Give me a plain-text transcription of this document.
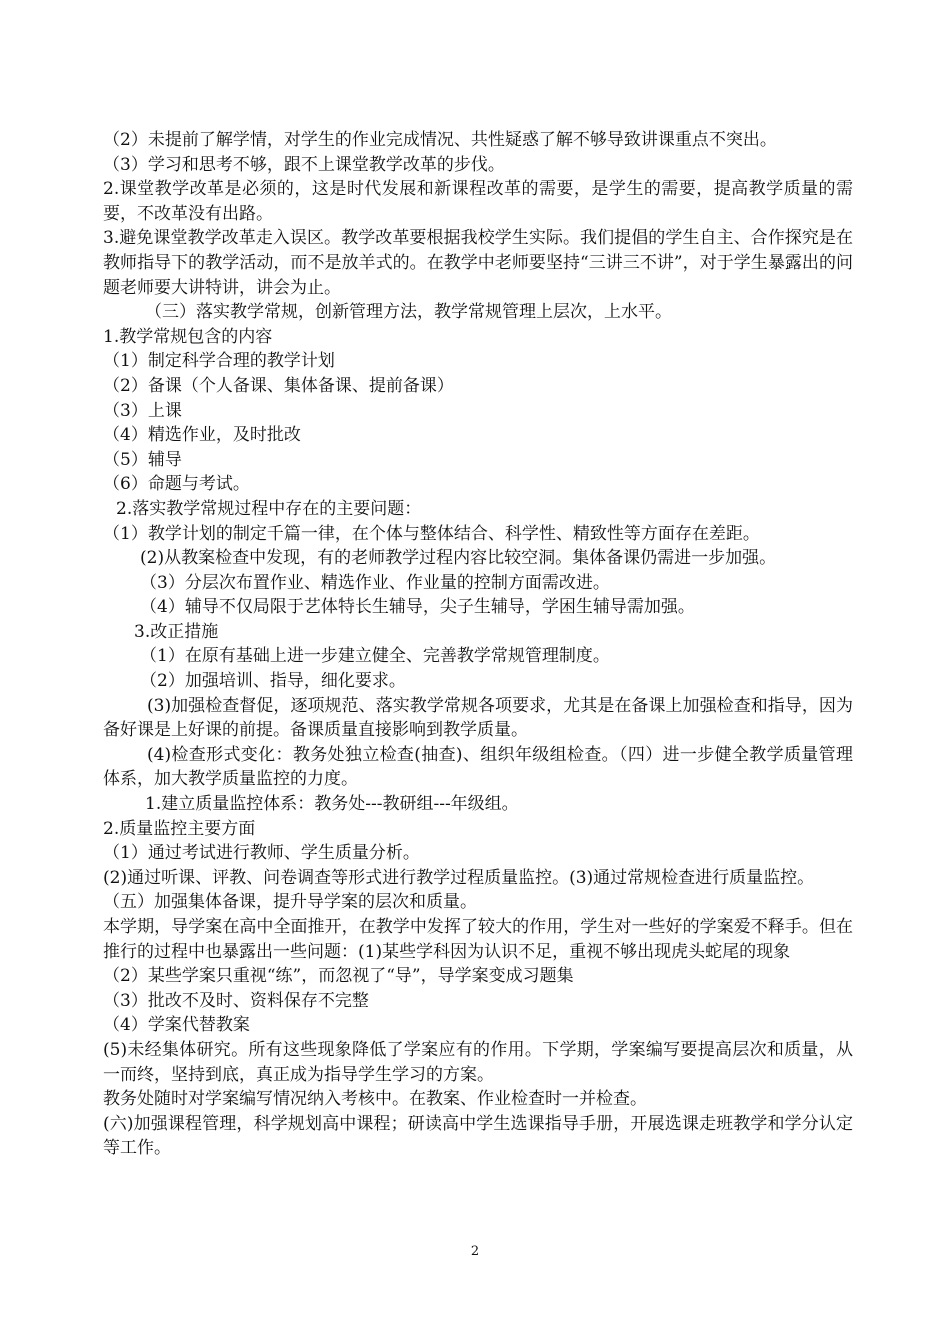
（2）未提前了解学情，对学生的作业完成情况、共性疑惑了解不够导致讲课重点不突出。

（3）学习和思考不够，跟不上课堂教学改革的步伐。

2.课堂教学改革是必须的，这是时代发展和新课程改革的需要，是学生的需要，提高教学质量的需要，不改革没有出路。

3.避免课堂教学改革走入误区。教学改革要根据我校学生实际。我们提倡的学生自主、合作探究是在教师指导下的教学活动，而不是放羊式的。在教学中老师要坚持“三讲三不讲”，对于学生暴露出的问题老师要大讲特讲，讲会为止。

（三）落实教学常规，创新管理方法，教学常规管理上层次，上水平。

1.教学常规包含的内容

（1）制定科学合理的教学计划

（2）备课（个人备课、集体备课、提前备课）

（3）上课

（4）精选作业，及时批改

（5）辅导

（6）命题与考试。

2.落实教学常规过程中存在的主要问题：

（1）教学计划的制定千篇一律，在个体与整体结合、科学性、精致性等方面存在差距。

(2)从教案检查中发现，有的老师教学过程内容比较空洞。集体备课仍需进一步加强。

（3）分层次布置作业、精选作业、作业量的控制方面需改进。

（4）辅导不仅局限于艺体特长生辅导，尖子生辅导，学困生辅导需加强。

3.改正措施

（1）在原有基础上进一步建立健全、完善教学常规管理制度。

（2）加强培训、指导，细化要求。

(3)加强检查督促，逐项规范、落实教学常规各项要求，尤其是在备课上加强检查和指导，因为备好课是上好课的前提。备课质量直接影响到教学质量。

(4)检查形式变化：教务处独立检查(抽查)、组织年级组检查。（四）进一步健全教学质量管理体系，加大教学质量监控的力度。

1.建立质量监控体系：教务处---教研组---年级组。

2.质量监控主要方面

（1）通过考试进行教师、学生质量分析。

(2)通过听课、评教、问卷调查等形式进行教学过程质量监控。(3)通过常规检查进行质量监控。

（五）加强集体备课，提升导学案的层次和质量。

本学期，导学案在高中全面推开，在教学中发挥了较大的作用，学生对一些好的学案爱不释手。但在推行的过程中也暴露出一些问题：(1)某些学科因为认识不足，重视不够出现虎头蛇尾的现象

（2）某些学案只重视“练”，而忽视了“导”，导学案变成习题集

（3）批改不及时、资料保存不完整

（4）学案代替教案

(5)未经集体研究。所有这些现象降低了学案应有的作用。下学期，学案编写要提高层次和质量，从一而终，坚持到底，真正成为指导学生学习的方案。

教务处随时对学案编写情况纳入考核中。在教案、作业检查时一并检查。

(六)加强课程管理，科学规划高中课程；研读高中学生选课指导手册，开展选课走班教学和学分认定等工作。

2
